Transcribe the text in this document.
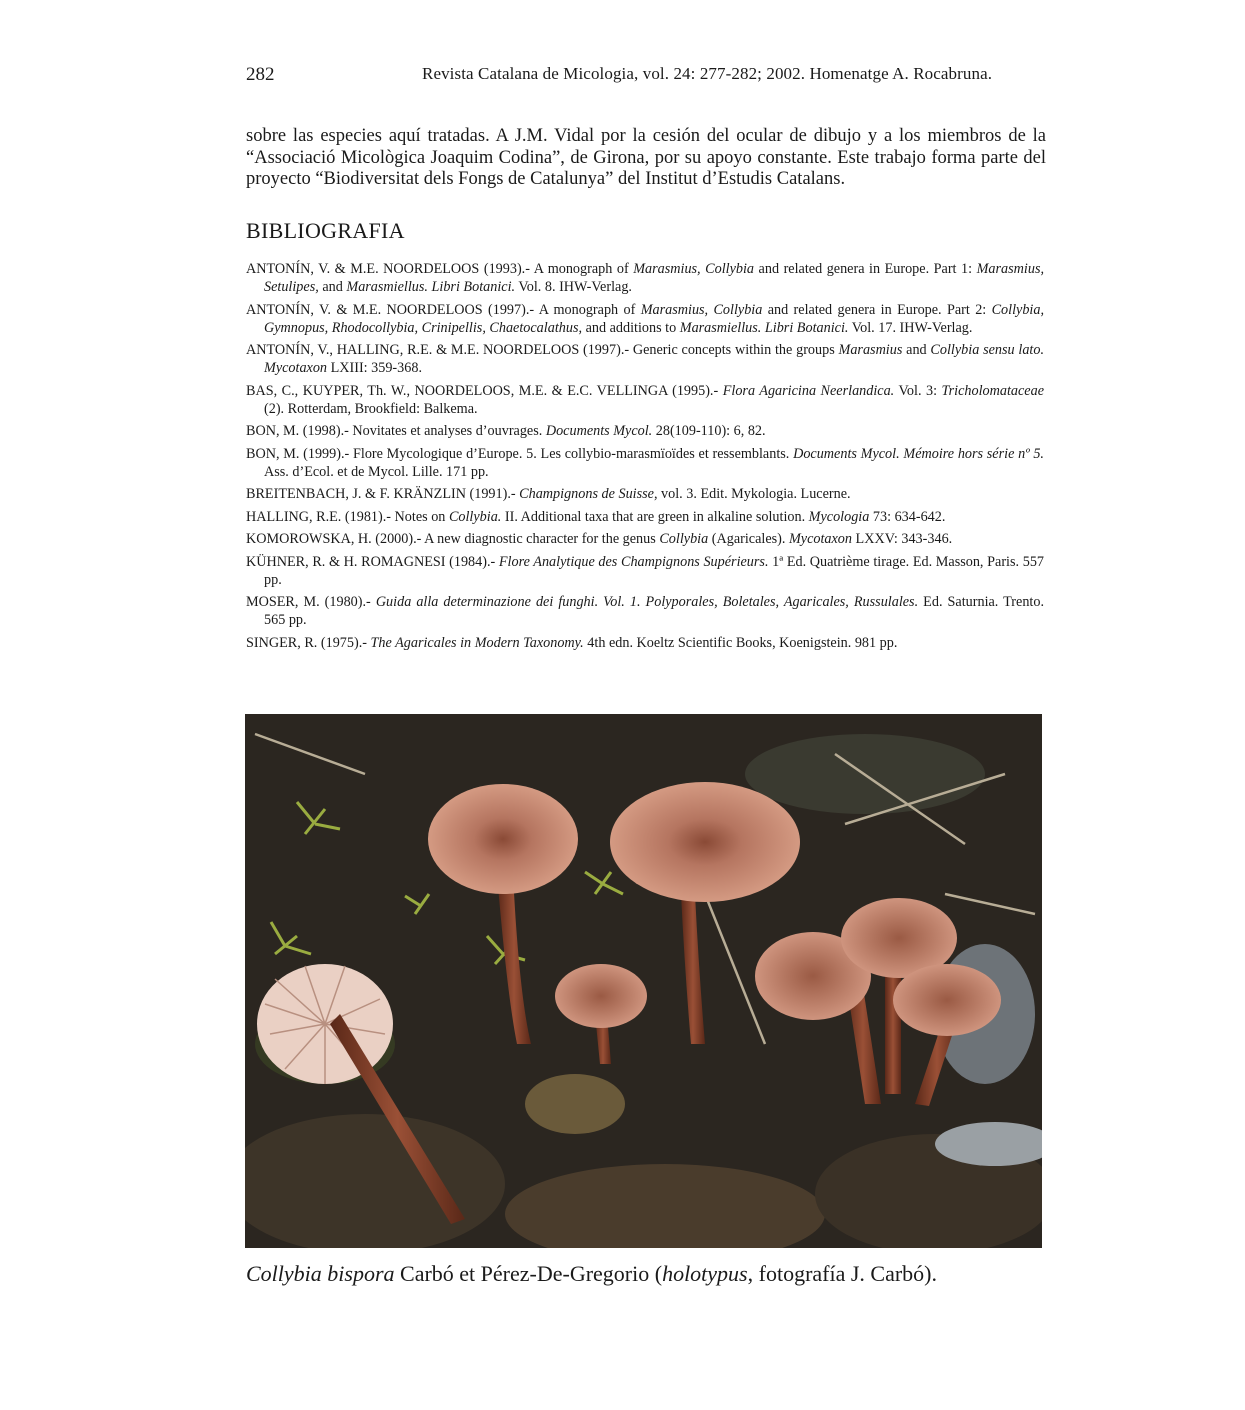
282	Revista Catalana de Micologia, vol. 24: 277-282; 2002. Homenatge A. Rocabruna.
sobre las especies aquí tratadas. A J.M. Vidal por la cesión del ocular de dibujo y a los miembros de la “Associació Micològica Joaquim Codina”, de Girona, por su apoyo constante. Este trabajo forma parte del proyecto “Biodiversitat dels Fongs de Catalunya” del Institut d’Estudis Catalans.
BIBLIOGRAFIA
ANTONÍN, V. & M.E. NOORDELOOS (1993).- A monograph of Marasmius, Collybia and related genera in Europe. Part 1: Marasmius, Setulipes, and Marasmiellus. Libri Botanici. Vol. 8. IHW-Verlag.
ANTONÍN, V. & M.E. NOORDELOOS (1997).- A monograph of Marasmius, Collybia and related genera in Europe. Part 2: Collybia, Gymnopus, Rhodocollybia, Crinipellis, Chaetocalathus, and additions to Marasmiellus. Libri Botanici. Vol. 17. IHW-Verlag.
ANTONÍN, V., HALLING, R.E. & M.E. NOORDELOOS (1997).- Generic concepts within the groups Marasmius and Collybia sensu lato. Mycotaxon LXIII: 359-368.
BAS, C., KUYPER, Th. W., NOORDELOOS, M.E. & E.C. VELLINGA (1995).- Flora Agaricina Neerlandica. Vol. 3: Tricholomataceae (2). Rotterdam, Brookfield: Balkema.
BON, M. (1998).- Novitates et analyses d’ouvrages. Documents Mycol. 28(109-110): 6, 82.
BON, M. (1999).- Flore Mycologique d’Europe. 5. Les collybio-marasmïoïdes et ressemblants. Documents Mycol. Mémoire hors série nº 5. Ass. d’Ecol. et de Mycol. Lille. 171 pp.
BREITENBACH, J. & F. KRÄNZLIN (1991).- Champignons de Suisse, vol. 3. Edit. Mykologia. Lucerne.
HALLING, R.E. (1981).- Notes on Collybia. II. Additional taxa that are green in alkaline solution. Mycologia 73: 634-642.
KOMOROWSKA, H. (2000).- A new diagnostic character for the genus Collybia (Agaricales). Mycotaxon LXXV: 343-346.
KÜHNER, R. & H. ROMAGNESI (1984).- Flore Analytique des Champignons Supérieurs. 1ª Ed. Quatrième tirage. Ed. Masson, Paris. 557 pp.
MOSER, M. (1980).- Guida alla determinazione dei funghi. Vol. 1. Polyporales, Boletales, Agaricales, Russulales. Ed. Saturnia. Trento. 565 pp.
SINGER, R. (1975).- The Agaricales in Modern Taxonomy. 4th edn. Koeltz Scientific Books, Koenigstein. 981 pp.
Collybia bispora Carbó et Pérez-De-Gregorio (holotypus, fotografía J. Carbó).
